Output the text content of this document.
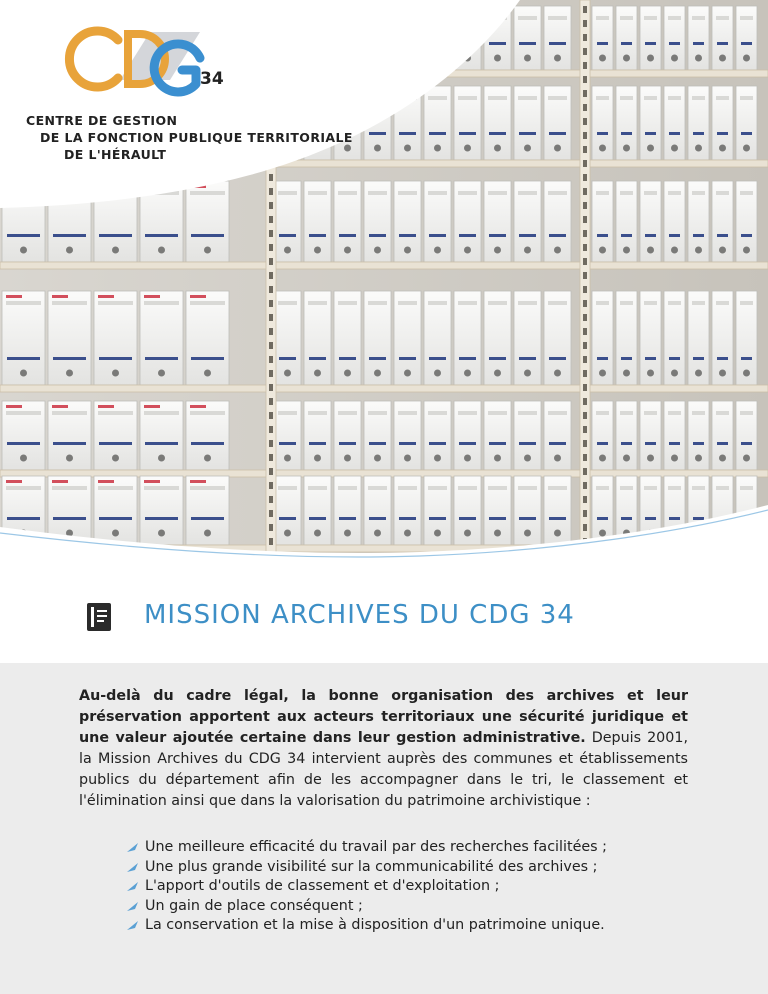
34
CENTRE DE GESTION
DE LA FONCTION PUBLIQUE TERRITORIALE
DE L'HÉRAULT
MISSION ARCHIVES DU CDG 34

Au-delà du cadre légal, la bonne organisation des archives et leur préservation apportent aux acteurs territoriaux une sécurité juridique et une valeur ajoutée certaine dans leur gestion administrative. Depuis 2001, la Mission Archives du CDG 34 intervient auprès des communes et établissements publics du département afin de les accompagner dans le tri, le classement et l'élimination ainsi que dans la valorisation du patrimoine archivistique :

Une meilleure efficacité du travail par des recherches facilitées ;
Une plus grande visibilité sur la communicabilité des archives ;
L'apport d'outils de classement et d'exploitation ;
Un gain de place conséquent ;
La conservation et la mise à disposition d'un patrimoine unique.
